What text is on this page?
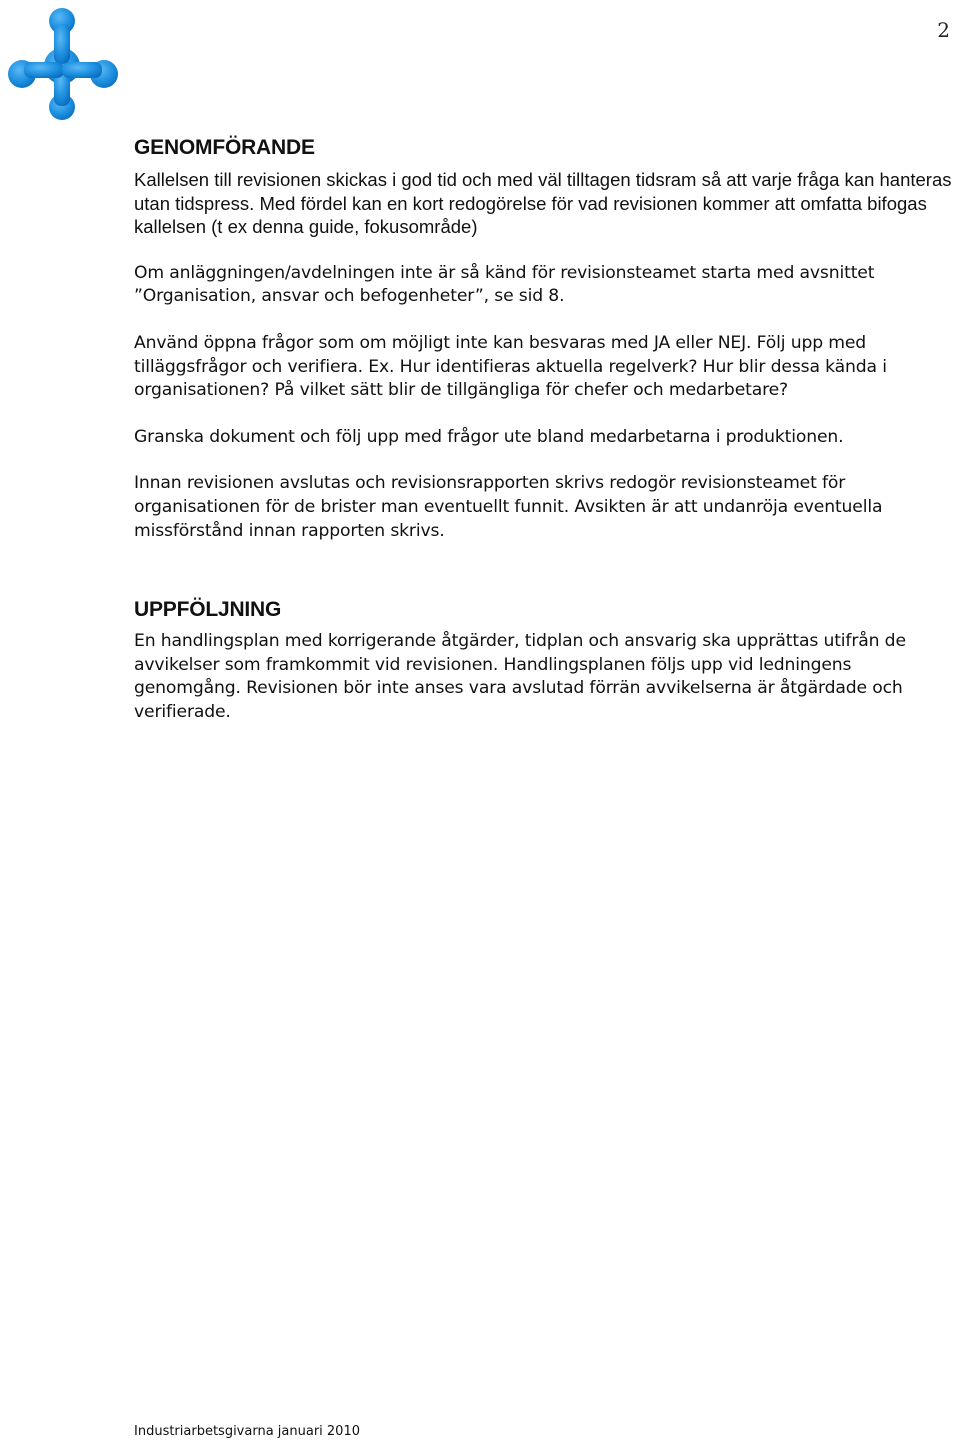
2
GENOMFÖRANDE

Kallelsen till revisionen skickas i god tid och med väl tilltagen tidsram så att varje fråga kan hanteras utan tidspress. Med fördel kan en kort redogörelse för vad revisionen kommer att omfatta bifogas kallelsen (t ex denna guide, fokusområde)

Om anläggningen/avdelningen inte är så känd för revisionsteamet starta med avsnittet ”Organisation, ansvar och befogenheter”, se sid 8.

Använd öppna frågor som om möjligt inte kan besvaras med JA eller NEJ. Följ upp med tilläggsfrågor och verifiera. Ex. Hur identifieras aktuella regelverk? Hur blir dessa kända i organisationen? På vilket sätt blir de tillgängliga för chefer och medarbetare?

Granska dokument och följ upp med frågor ute bland medarbetarna i produktionen.

Innan revisionen avslutas och revisionsrapporten skrivs redogör revisionsteamet för organisationen för de brister man eventuellt funnit. Avsikten är att undanröja eventuella missförstånd innan rapporten skrivs.

UPPFÖLJNING

En handlingsplan med korrigerande åtgärder, tidplan och ansvarig ska upprättas utifrån de avvikelser som framkommit vid revisionen. Handlingsplanen följs upp vid ledningens genomgång. Revisionen bör inte anses vara avslutad förrän avvikelserna är åtgärdade och verifierade.

Industriarbetsgivarna januari 2010
